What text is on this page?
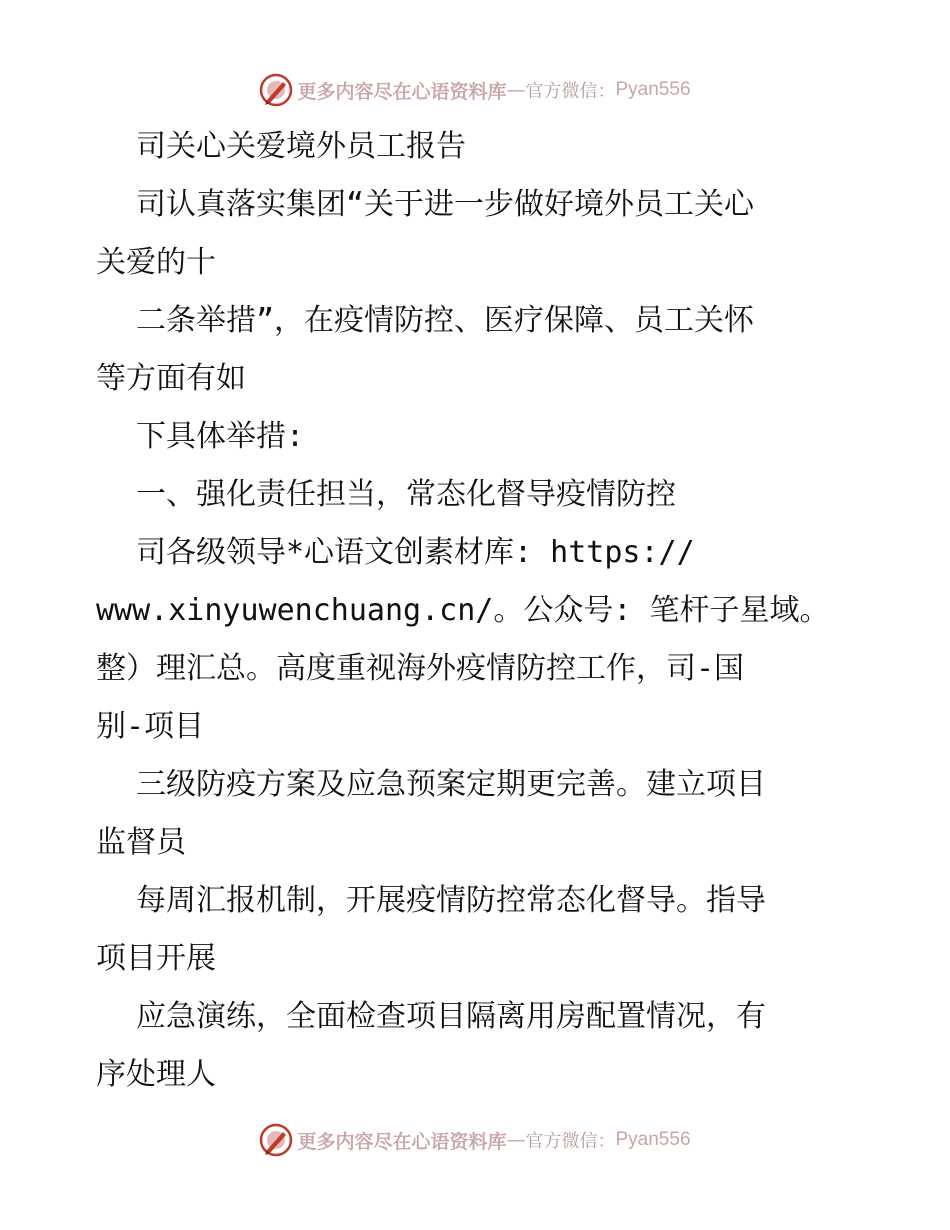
更多内容尽在心语资料库 — 官方微信： Pyan556
司关心关爱境外员工报告
司认真落实集团“关于进一步做好境外员工关心
关爱的十
二条举措”，在疫情防控、医疗保障、员工关怀
等方面有如
下具体举措:
一、强化责任担当，常态化督导疫情防控
司各级领导*心语文创素材库: https://
www.xinyuwenchuang.cn/。公众号: 笔杆子星域。
整）理汇总。高度重视海外疫情防控工作，司-国
别-项目
三级防疫方案及应急预案定期更完善。建立项目
监督员
每周汇报机制，开展疫情防控常态化督导。指导
项目开展
应急演练，全面检查项目隔离用房配置情况，有
序处理人
更多内容尽在心语资料库 — 官方微信： Pyan556
